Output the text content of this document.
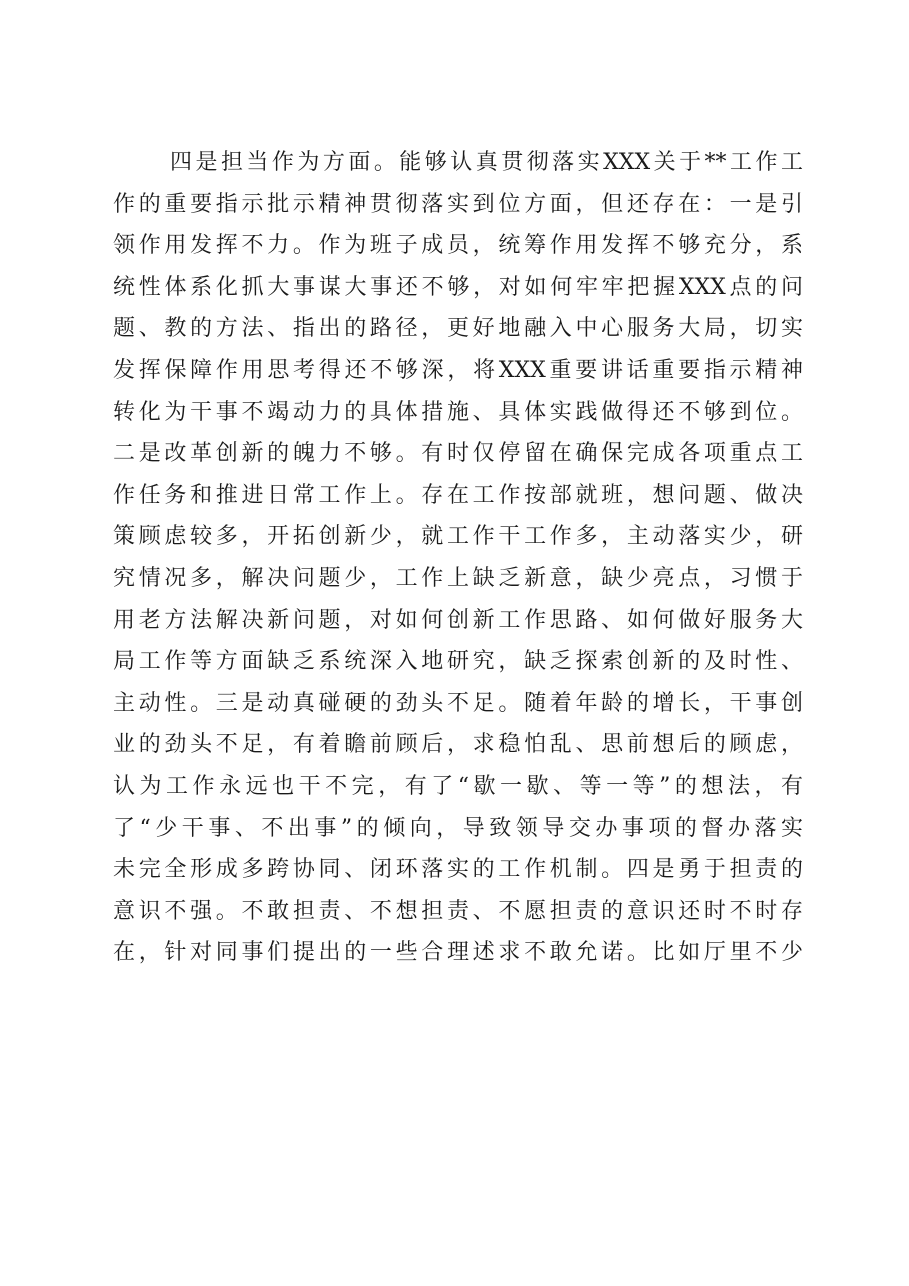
四是担当作为方面。能够认真贯彻落实XXX关于**工作工
作的重要指示批示精神贯彻落实到位方面，但还存在：一是引
领作用发挥不力。作为班子成员，统筹作用发挥不够充分，系
统性体系化抓大事谋大事还不够，对如何牢牢把握XXX点的问
题、教的方法、指出的路径，更好地融入中心服务大局，切实
发挥保障作用思考得还不够深，将XXX重要讲话重要指示精神
转化为干事不竭动力的具体措施、具体实践做得还不够到位。
二是改革创新的魄力不够。有时仅停留在确保完成各项重点工
作任务和推进日常工作上。存在工作按部就班，想问题、做决
策顾虑较多，开拓创新少，就工作干工作多，主动落实少，研
究情况多，解决问题少，工作上缺乏新意，缺少亮点，习惯于
用老方法解决新问题，对如何创新工作思路、如何做好服务大
局工作等方面缺乏系统深入地研究，缺乏探索创新的及时性、
主动性。三是动真碰硬的劲头不足。随着年龄的增长，干事创
业的劲头不足，有着瞻前顾后，求稳怕乱、思前想后的顾虑，
认为工作永远也干不完，有了“歇一歇、等一等”的想法，有
了“少干事、不出事”的倾向，导致领导交办事项的督办落实
未完全形成多跨协同、闭环落实的工作机制。四是勇于担责的
意识不强。不敢担责、不想担责、不愿担责的意识还时不时存
在，针对同事们提出的一些合理述求不敢允诺。比如厅里不少
